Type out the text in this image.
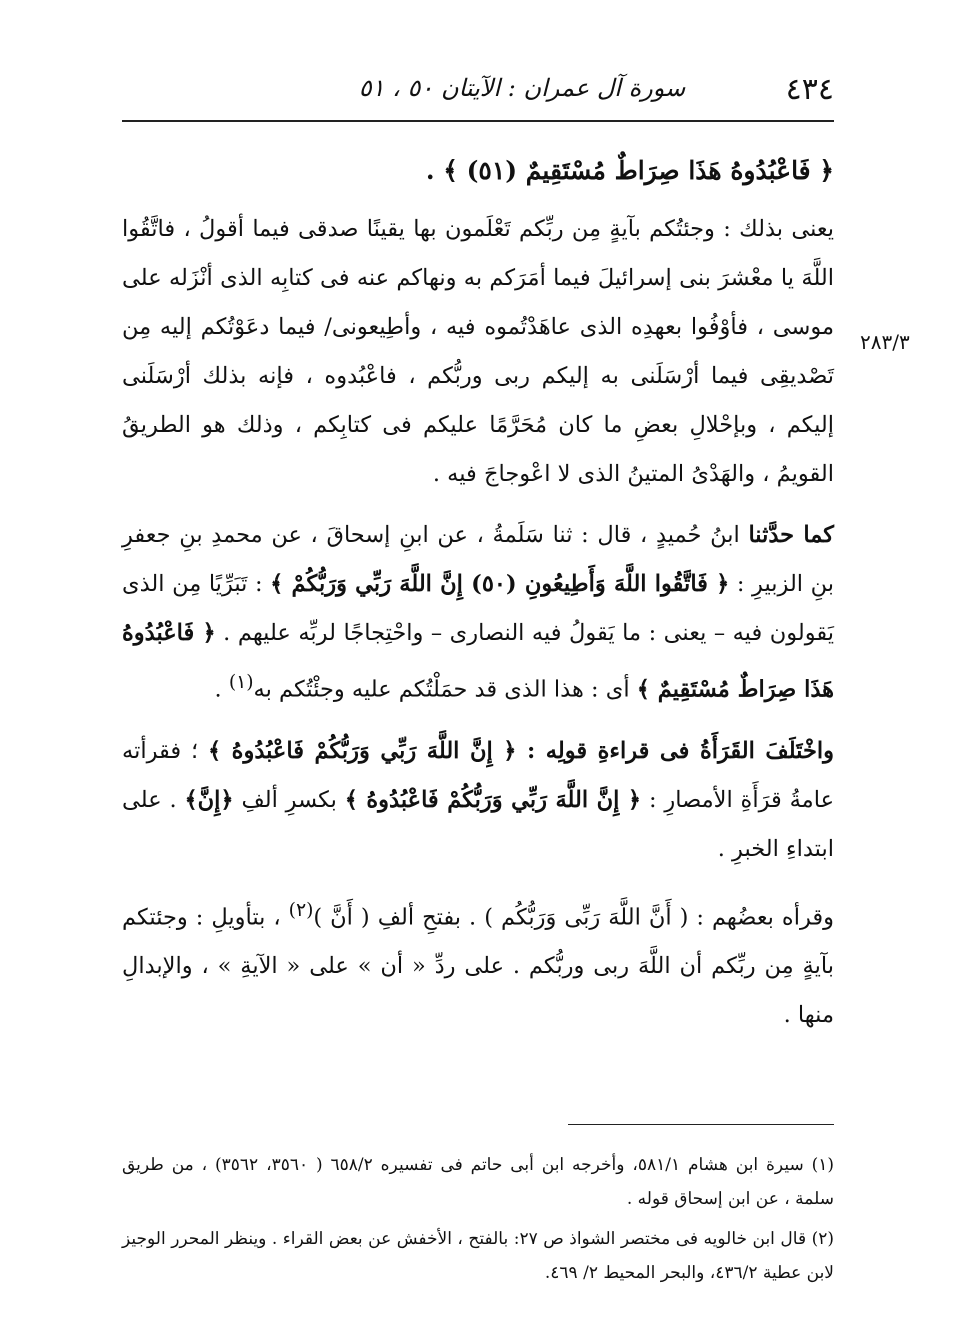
٤٣٤
سورة آل عمران : الآيتان ٥٠ ، ٥١
٢٨٣/٣

﴿ فَاعْبُدُوهُ هَذَا صِرَاطٌ مُسْتَقِيمٌ (٥١) ﴾ .

يعنى بذلك : وجئتُكم بآيةٍ مِن ربِّكم تَعْلَمون بها يقينًا صدقى فيما أقولُ ، فاتَّقُوا اللَّهَ يا معْشرَ بنى إسرائيلَ فيما أمَرَكم به ونهاكم عنه فى كتابِه الذى أنْزَله على موسى ، فأوْفُوا بعهدِه الذى عاهَدْتُموه فيه ، وأطِيعونى/ فيما دعَوْتُكم إليه مِن تَصْديقِى فيما أرْسَلَنى به إليكم ربى وربُّكم ، فاعْبُدوه ، فإنه بذلك أرْسَلَنى إليكم ، وبإحْلالِ بعضِ ما كان مُحَرَّمًا عليكم فى كتابِكم ، وذلك هو الطريقُ القويمُ ، والهَدْىُ المتينُ الذى لا اعْوجاجَ فيه .

كما حدَّثنا ابنُ حُميدٍ ، قال : ثنا سَلَمةُ ، عن ابنِ إسحاقَ ، عن محمدِ بنِ جعفرِ بنِ الزبيرِ : ﴿ فَاتَّقُوا اللَّهَ وَأَطِيعُونِ (٥٠) إِنَّ اللَّهَ رَبِّي وَرَبُّكُمْ ﴾ : تَبَرِّيًا مِن الذى يَقولون فيه – يعنى : ما يَقولُ فيه النصارى – واحْتِجاجًا لربِّه عليهم . ﴿ فَاعْبُدُوهُ هَذَا صِرَاطٌ مُسْتَقِيمٌ ﴾ أى : هذا الذى قد حمَلْتُكم عليه وجئْتُكم به$^{(١)}$ .

واخْتَلَفَ القَرَأَةُ فى قراءةِ قولِه : ﴿ إِنَّ اللَّهَ رَبِّي وَرَبُّكُمْ فَاعْبُدُوهُ ﴾ ؛ فقرأته عامةُ قرَأَةِ الأمصارِ : ﴿ إِنَّ اللَّهَ رَبِّي وَرَبُّكُمْ فَاعْبُدُوهُ ﴾ بكسرِ ألفِ ﴿إِنَّ﴾ . على ابتداءِ الخبرِ .

وقرأه بعضُهم : ( أَنَّ اللَّهَ رَبِّى وَرَبُّكُم ) . بفتحِ ألفِ ( أَنَّ )$^{(٢)}$ ، بتأويلِ : وجئتكم بآيةٍ مِن ربِّكم أن اللَّهَ ربى وربُّكم . على ردِّ « أن » على « الآيةِ » ، والإبدالِ منها .

(١) سيرة ابن هشام ٥٨١/١، وأخرجه ابن أبى حاتم فى تفسيره ٦٥٨/٢ ( ٣٥٦٠، ٣٥٦٢) ، من طريق سلمة ، عن ابن إسحاق قوله .

(٢) قال ابن خالويه فى مختصر الشواذ ص ٢٧: بالفتح ، الأخفش عن بعض القراء . وينظر المحرر الوجيز لابن عطية ٤٣٦/٢، والبحر المحيط ٢/ ٤٦٩.
